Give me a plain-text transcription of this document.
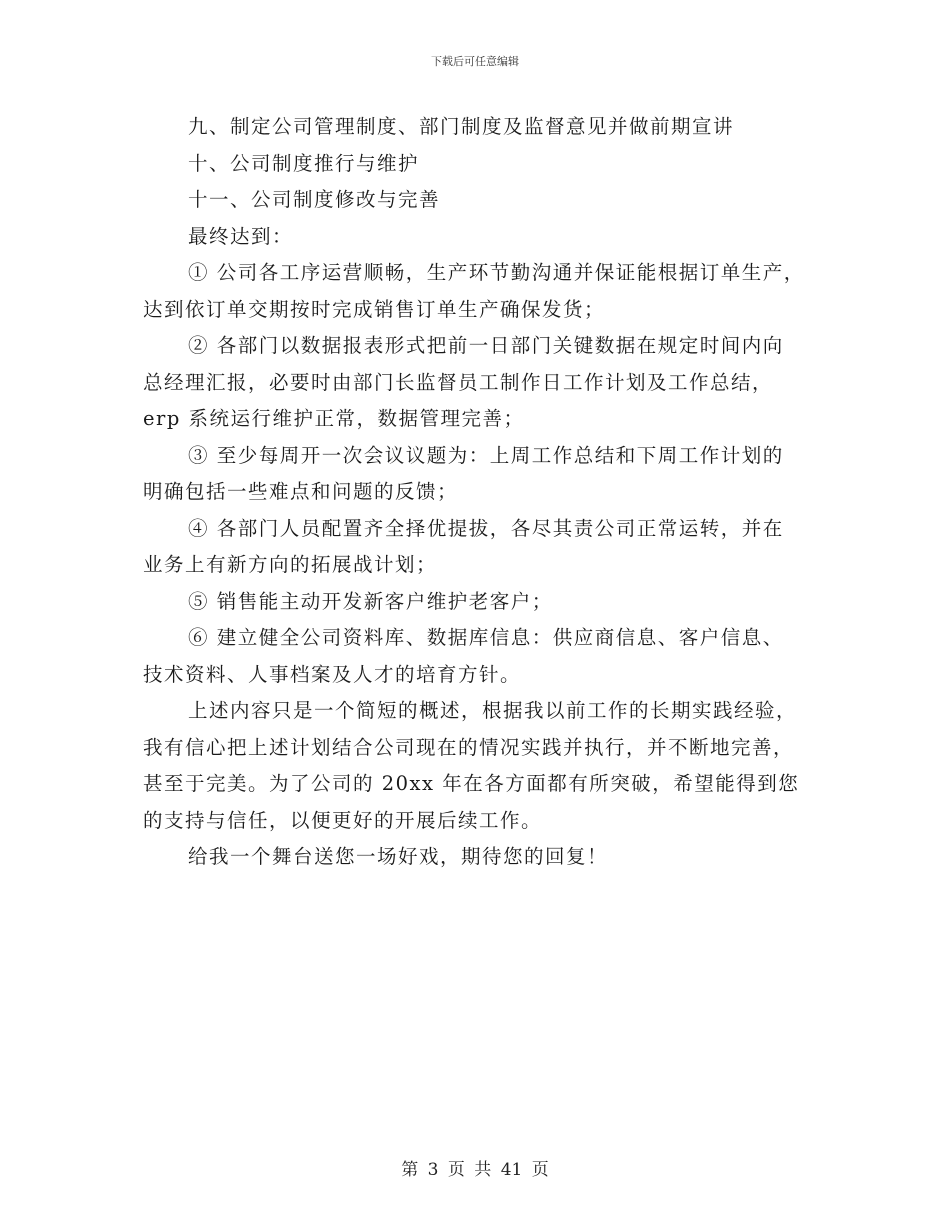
下载后可任意编辑
九、制定公司管理制度、部门制度及监督意见并做前期宣讲
十、公司制度推行与维护
十一、公司制度修改与完善
最终达到：
① 公司各工序运营顺畅，生产环节勤沟通并保证能根据订单生产，
达到依订单交期按时完成销售订单生产确保发货；
② 各部门以数据报表形式把前一日部门关键数据在规定时间内向
总经理汇报，必要时由部门长监督员工制作日工作计划及工作总结，
erp 系统运行维护正常，数据管理完善；
③ 至少每周开一次会议议题为：上周工作总结和下周工作计划的
明确包括一些难点和问题的反馈；
④ 各部门人员配置齐全择优提拔，各尽其责公司正常运转，并在
业务上有新方向的拓展战计划；
⑤ 销售能主动开发新客户维护老客户；
⑥ 建立健全公司资料库、数据库信息：供应商信息、客户信息、
技术资料、人事档案及人才的培育方针。
上述内容只是一个简短的概述，根据我以前工作的长期实践经验，
我有信心把上述计划结合公司现在的情况实践并执行，并不断地完善，
甚至于完美。为了公司的 20xx 年在各方面都有所突破，希望能得到您
的支持与信任，以便更好的开展后续工作。
给我一个舞台送您一场好戏，期待您的回复！
第 3 页 共 41 页
